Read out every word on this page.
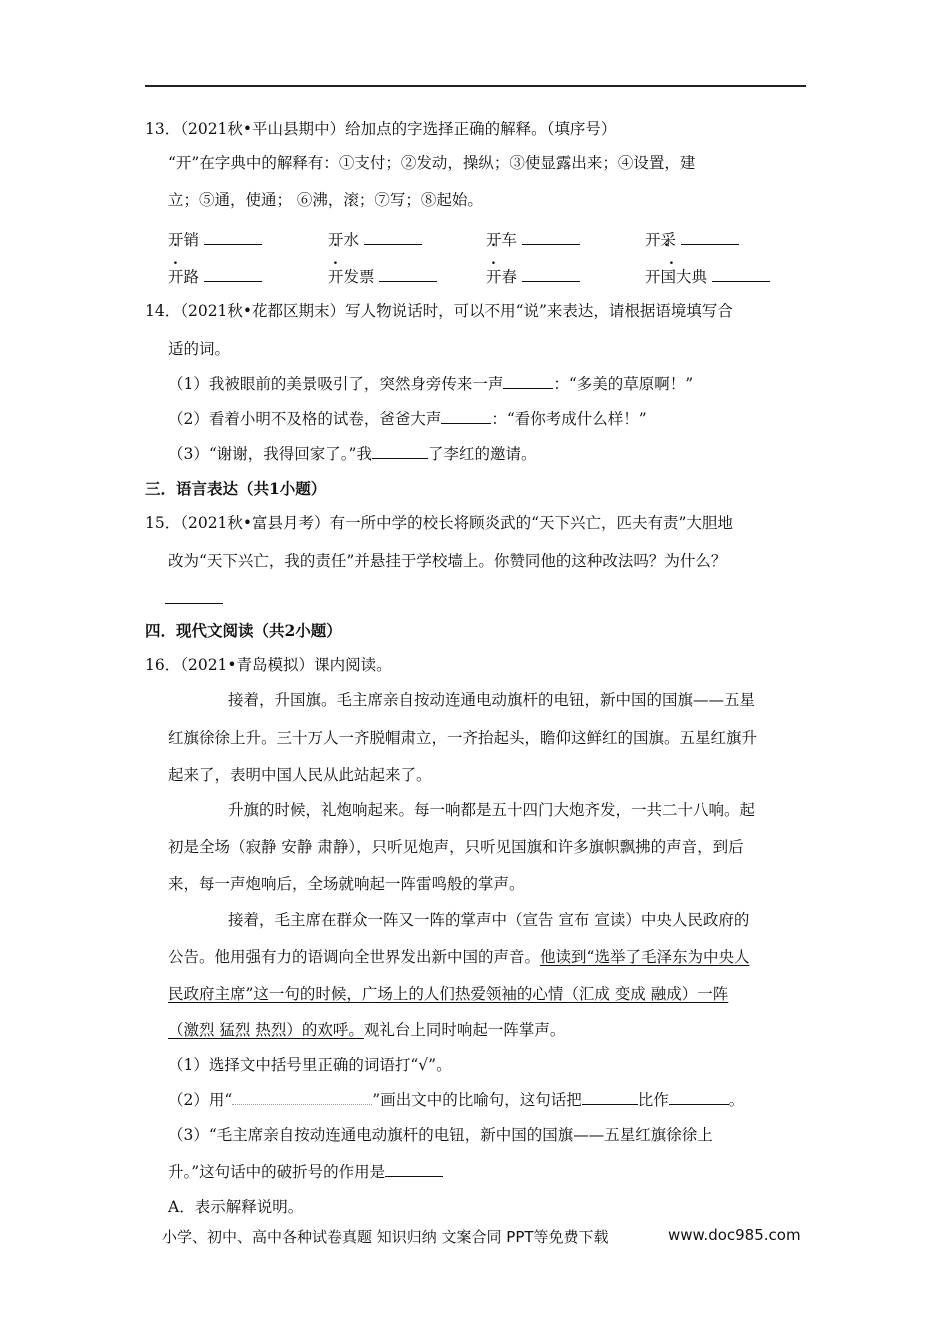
13．（2021秋•平山县期中）给加点的字选择正确的解释。（填序号）
“开”在字典中的解释有：①支付；②发动，操纵；③使显露出来；④设置，建
立；⑤通，使通； ⑥沸，滚；⑦写；⑧起始。
开销	开水	开车	开采
开路	开发票	开春	开国大典
.	.	.	.
14．（2021秋•花都区期末）写人物说话时，可以不用“说”来表达，请根据语境填写合
适的词。
（1）我被眼前的美景吸引了，突然身旁传来一声	：“多美的草原啊！”
（2）看着小明不及格的试卷，爸爸大声	：“看你考成什么样！”
（3）“谢谢，我得回家了。”我	了李红的邀请。
三．语言表达（共1小题）
15．（2021秋•富县月考）有一所中学的校长将顾炎武的“天下兴亡，匹夫有责”大胆地
改为“天下兴亡，我的责任”并悬挂于学校墙上。你赞同他的这种改法吗？为什么？
四．现代文阅读（共2小题）
16．（2021•青岛模拟）课内阅读。
接着，升国旗。毛主席亲自按动连通电动旗杆的电钮，新中国的国旗——五星
红旗徐徐上升。三十万人一齐脱帽肃立，一齐抬起头，瞻仰这鲜红的国旗。五星红旗升
起来了，表明中国人民从此站起来了。
升旗的时候，礼炮响起来。每一响都是五十四门大炮齐发，一共二十八响。起
初是全场（寂静 安静 肃静），只听见炮声，只听见国旗和许多旗帜飘拂的声音，到后
来，每一声炮响后，全场就响起一阵雷鸣般的掌声。
接着，毛主席在群众一阵又一阵的掌声中（宣告 宣布 宣读）中央人民政府的
公告。他用强有力的语调向全世界发出新中国的声音。他读到“选举了毛泽东为中央人
民政府主席”这一句的时候，广场上的人们热爱领袖的心情（汇成 变成 融成）一阵
（激烈 猛烈 热烈）的欢呼。观礼台上同时响起一阵掌声。
（1）选择文中括号里正确的词语打“√”。
（2）用“	”画出文中的比喻句，这句话把	比作	。
（3）“毛主席亲自按动连通电动旗杆的电钮，新中国的国旗——五星红旗徐徐上
升。”这句话中的破折号的作用是
A．表示解释说明。
小学、初中、高中各种试卷真题 知识归纳 文案合同 PPT等免费下载	www.doc985.com
